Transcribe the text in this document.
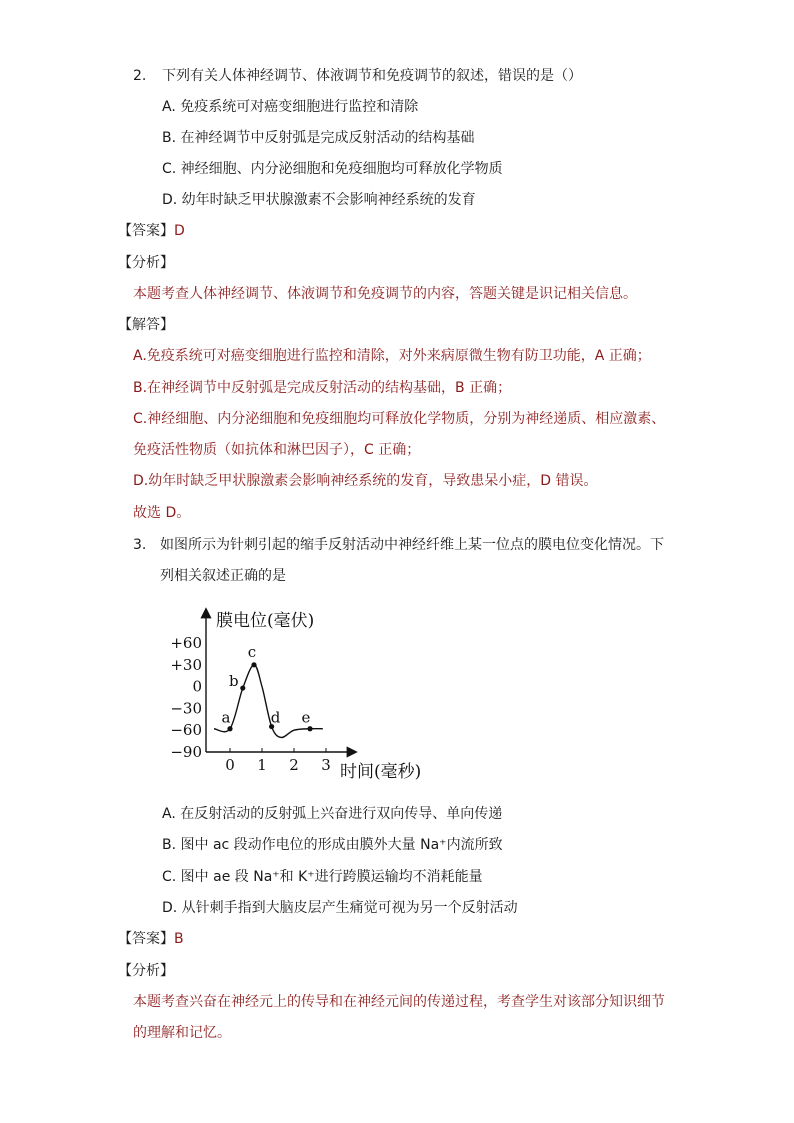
2. 下列有关人体神经调节、体液调节和免疫调节的叙述，错误的是（）
A. 免疫系统可对癌变细胞进行监控和清除
B. 在神经调节中反射弧是完成反射活动的结构基础
C. 神经细胞、内分泌细胞和免疫细胞均可释放化学物质
D. 幼年时缺乏甲状腺激素不会影响神经系统的发育
【答案】D
【分析】
本题考查人体神经调节、体液调节和免疫调节的内容，答题关键是识记相关信息。
【解答】
A.免疫系统可对癌变细胞进行监控和清除，对外来病原微生物有防卫功能，A 正确；
B.在神经调节中反射弧是完成反射活动的结构基础，B 正确；
C.神经细胞、内分泌细胞和免疫细胞均可释放化学物质，分别为神经递质、相应激素、
免疫活性物质（如抗体和淋巴因子），C 正确；
D.幼年时缺乏甲状腺激素会影响神经系统的发育，导致患呆小症，D 错误。
故选 D。
3. 如图所示为针刺引起的缩手反射活动中神经纤维上某一位点的膜电位变化情况。下
列相关叙述正确的是
膜电位(毫伏)
时间(毫秒)
+60
+30
0
−30
−60
−90
0 1 2 3
a
b
c
d e
A. 在反射活动的反射弧上兴奋进行双向传导、单向传递
B. 图中 ac 段动作电位的形成由膜外大量 Na⁺内流所致
C. 图中 ae 段 Na⁺和 K⁺进行跨膜运输均不消耗能量
D. 从针刺手指到大脑皮层产生痛觉可视为另一个反射活动
【答案】B
【分析】
本题考查兴奋在神经元上的传导和在神经元间的传递过程，考查学生对该部分知识细节
的理解和记忆。
